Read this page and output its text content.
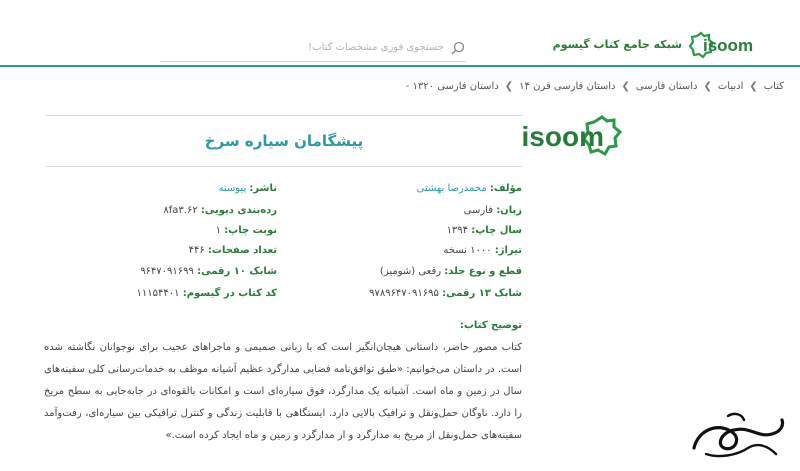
isoom
شبکه جامع کتاب گیسوم
جستجوی فوری مشخصات کتاب!
کتاب
❯
ادبیات
❯
داستان فارسی
❯
داستان فارسی قرن ۱۴
❯
داستان فارسی ۱۳۲۰ -
isoom
پیشگامان سیاره سرخ
مؤلف: محمدرضا بهشتی
زبان: فارسی
سال چاپ: ۱۳۹۴
تیراژ: ۱۰۰۰ نسخه
قطع و نوع جلد: رقعی (شومیز)
شابک ۱۳ رقمی: ۹۷۸۹۶۴۷۰۹۱۶۹۵
ناشر: پیوسته
رده‌بندی دیویی: ۸fa۳.۶۲
نوبت چاپ: ۱
تعداد صفحات: ۴۴۶
شابک ۱۰ رقمی: ۹۶۴۷۰۹۱۶۹۹
کد کتاب در گیسوم: ۱۱۱۵۴۴۰۱
توضیح کتاب:
کتاب مصور حاضر، داستانی هیجان‌انگیز است که با زبانی صمیمی و ماجراهای عجیب برای نوجوانان نگاشته شده است. در داستان می‌خوانیم: «طبق توافق‌نامه فضایی مدارگرد عظیم آشیانه موظف به خدمات‌رسانی کلی سفینه‌های سال در زمین و ماه است. آشیانه یک مدارگرد، فوق سیاره‌ای است و امکانات بالقوه‌ای در جابه‌جایی به سطح مریخ را دارد. ناوگان حمل‌ونقل و ترافیک بالایی دارد. ایستگاهی با قابلیت زندگی و کنترل ترافیکی بین سیاره‌ای، رفت‌وآمد سفینه‌های حمل‌ونقل از مریخ به مدارگرد و از مدارگرد و زمین و ماه ایجاد کرده است.»
